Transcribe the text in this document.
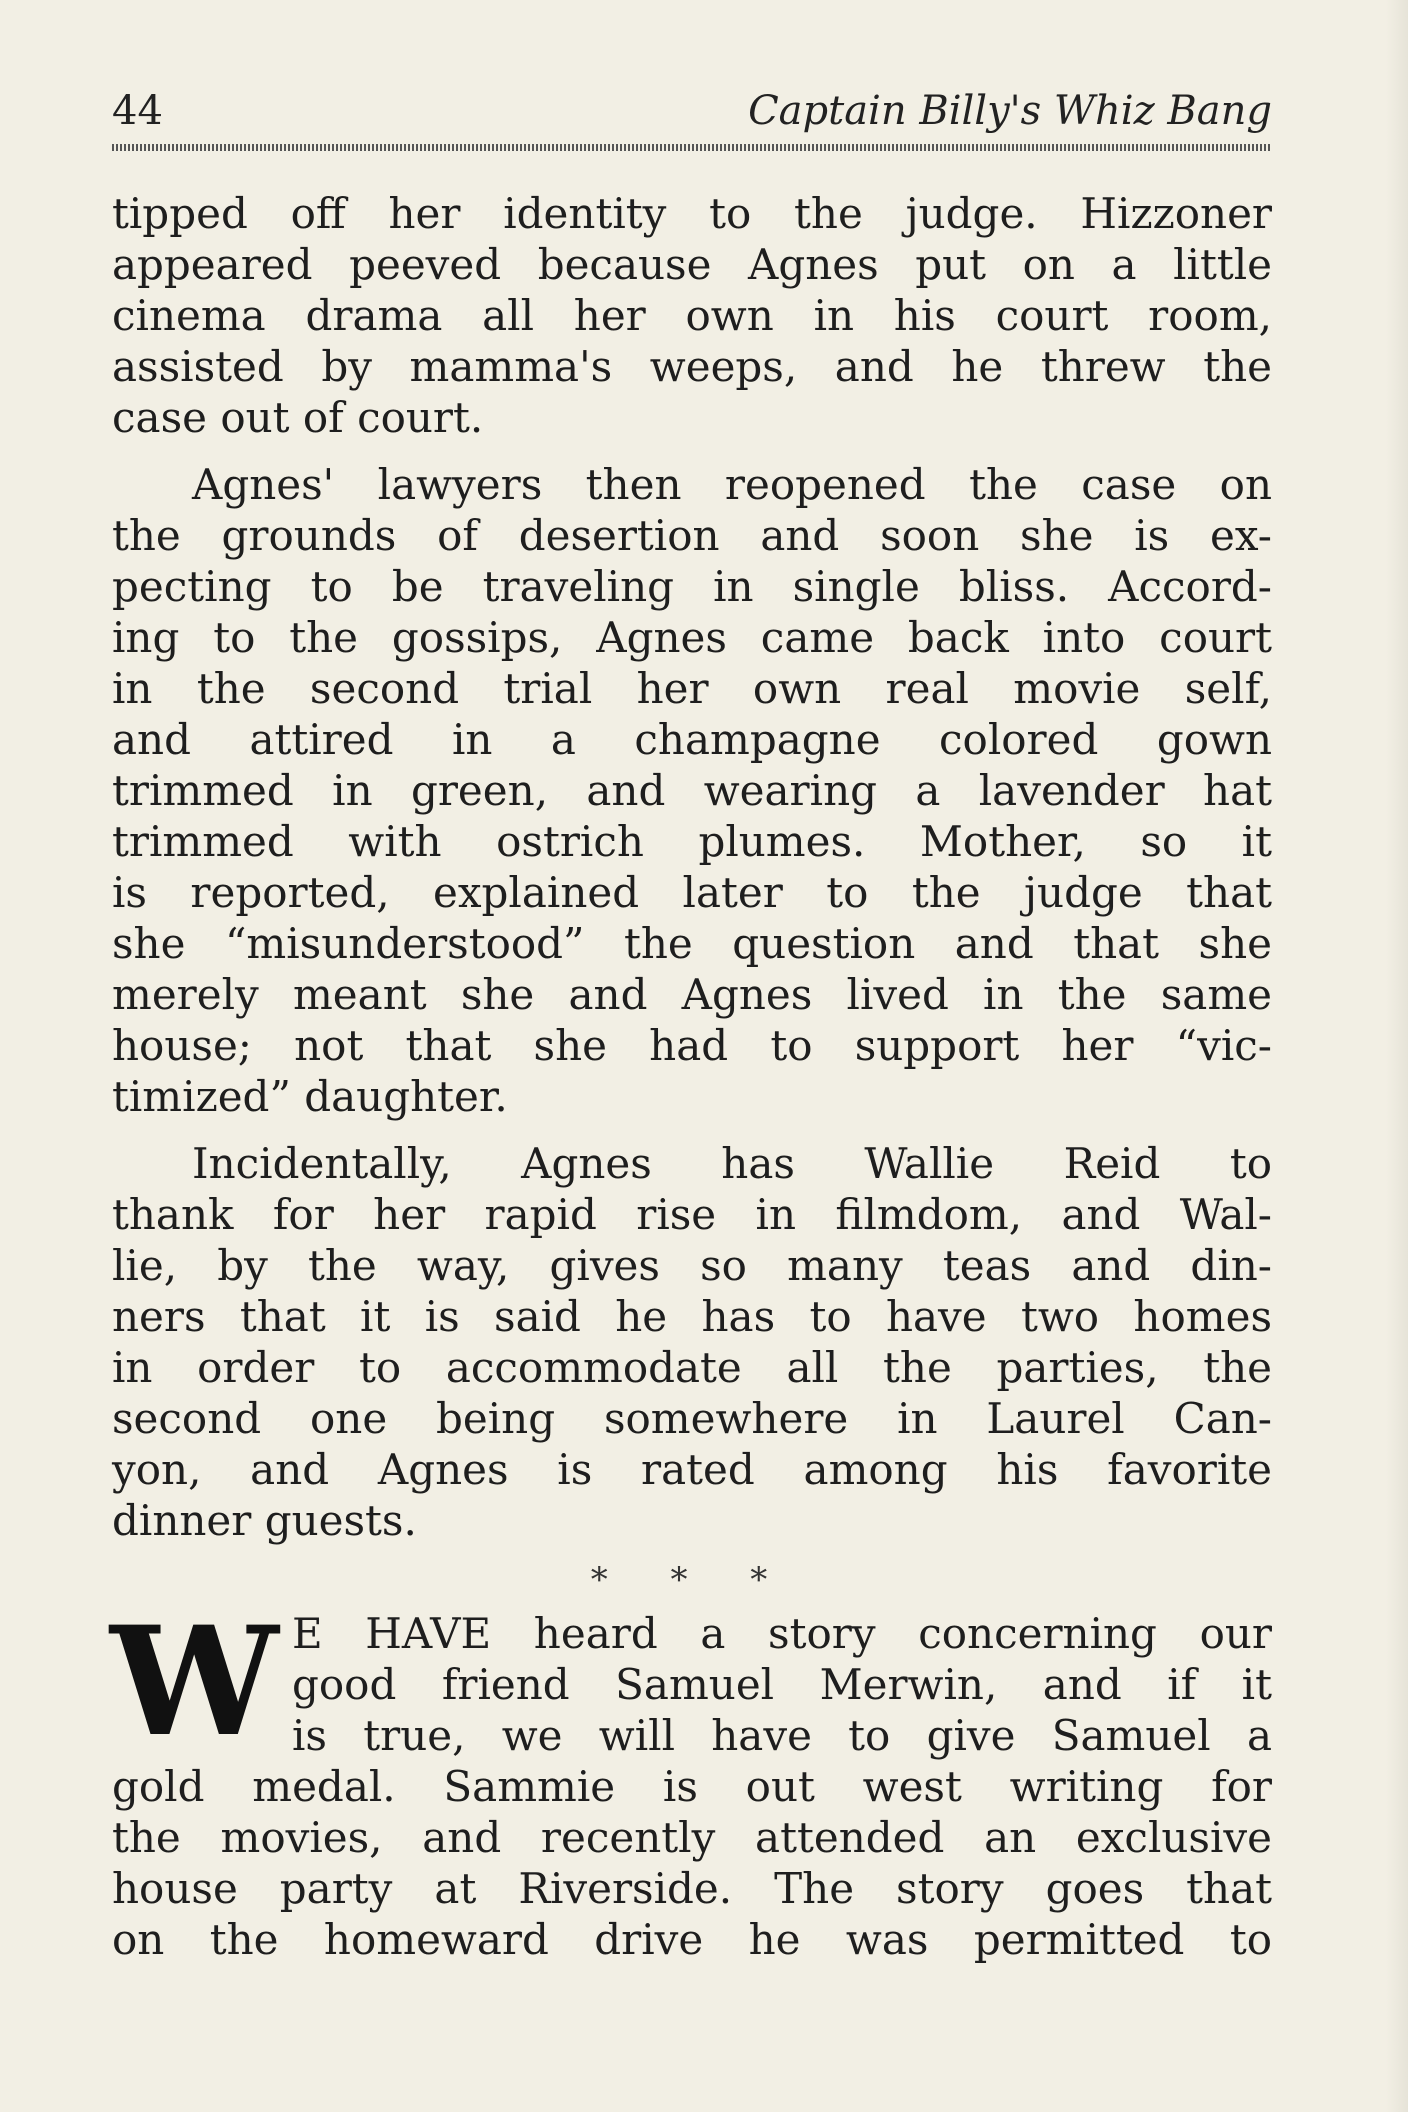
44	Captain Billy's Whiz Bang
tipped off her identity to the judge. Hizzoner
appeared peeved because Agnes put on a little
cinema drama all her own in his court room,
assisted by mamma's weeps, and he threw the
case out of court.
Agnes' lawyers then reopened the case on
the grounds of desertion and soon she is ex-
pecting to be traveling in single bliss. Accord-
ing to the gossips, Agnes came back into court
in the second trial her own real movie self,
and attired in a champagne colored gown
trimmed in green, and wearing a lavender hat
trimmed with ostrich plumes. Mother, so it
is reported, explained later to the judge that
she “misunderstood” the question and that she
merely meant she and Agnes lived in the same
house; not that she had to support her “vic-
timized” daughter.
Incidentally, Agnes has Wallie Reid to
thank for her rapid rise in filmdom, and Wal-
lie, by the way, gives so many teas and din-
ners that it is said he has to have two homes
in order to accommodate all the parties, the
second one being somewhere in Laurel Can-
yon, and Agnes is rated among his favorite
dinner guests.
* * *
W E HAVE heard a story concerning our
good friend Samuel Merwin, and if it
is true, we will have to give Samuel a
gold medal. Sammie is out west writing for
the movies, and recently attended an exclusive
house party at Riverside. The story goes that
on the homeward drive he was permitted to
